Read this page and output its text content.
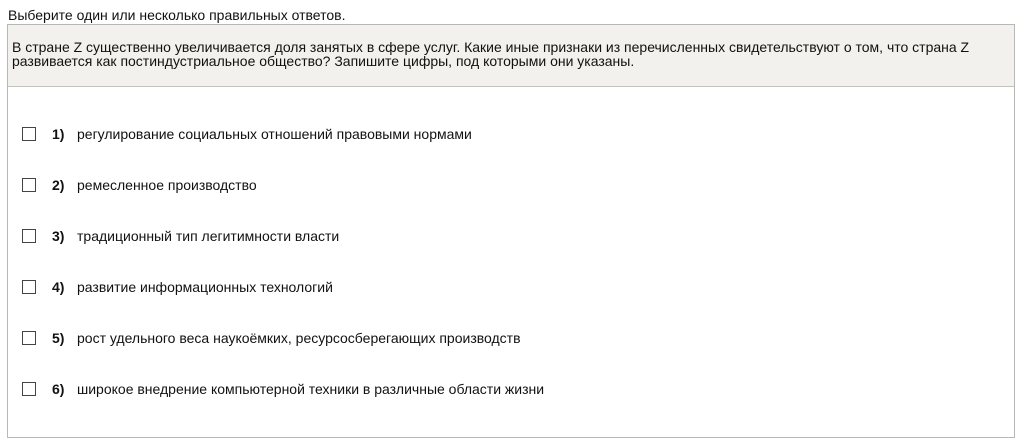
Выберите один или несколько правильных ответов.
В стране Z существенно увеличивается доля занятых в сфере услуг. Какие иные признаки из перечисленных свидетельствуют о том, что страна Z развивается как постиндустриальное общество? Запишите цифры, под которыми они указаны.
1) регулирование социальных отношений правовыми нормами
2) ремесленное производство
3) традиционный тип легитимности власти
4) развитие информационных технологий
5) рост удельного веса наукоёмких, ресурсосберегающих производств
6) широкое внедрение компьютерной техники в различные области жизни
